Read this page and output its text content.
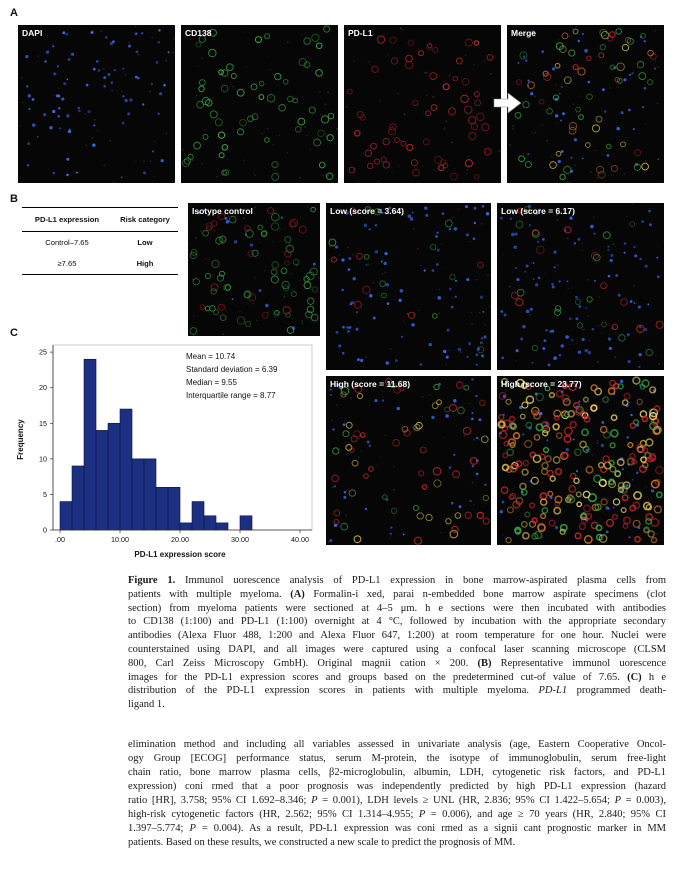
A
DAPI	CD138	PD-L1	Merge
B
PD-L1 expression	Risk category
Control–7.65	Low
≥7.65	High
Isotype control	Low (score = 3.64)	Low (score = 6.17)
High (score = 11.68)	High (score = 23.77)
C
0
5
10
15
20
25
.00	10.00	20.00	30.00	40.00
Frequency
PD-L1 expression score
Mean = 10.74
Standard deviation = 6.39
Median = 9.55
Interquartile range = 8.77
Figure 1. Immunol uorescence analysis of PD-L1 expression in bone marrow-aspirated plasma cells from
patients with multiple myeloma. (A) Formalin-i xed, parai n-embedded bone marrow aspirate specimens (clot
section) from myeloma patients were sectioned at 4–5 μm. h e sections were then incubated with antibodies
to CD138 (1:100) and PD-L1 (1:100) overnight at 4 °C, followed by incubation with the appropriate secondary
antibodies (Alexa Fluor 488, 1:200 and Alexa Fluor 647, 1:200) at room temperature for one hour. Nuclei were
counterstained using DAPI, and all images were captured using a confocal laser scanning microscope (CLSM
800, Carl Zeiss Microscopy GmbH). Original magnii cation × 200. (B) Representative immunol uorescence
images for the PD-L1 expression scores and groups based on the predetermined cut-of value of 7.65. (C) h e
distribution of the PD-L1 expression scores in patients with multiple myeloma. PD-L1 programmed death-
ligand 1.
elimination method and including all variables assessed in univariate analysis (age, Eastern Cooperative Oncol-
ogy Group [ECOG] performance status, serum M-protein, the isotype of immunoglobulin, serum free-light
chain ratio, bone marrow plasma cells, β2-microglobulin, albumin, LDH, cytogenetic risk factors, and PD-L1
expression) coni rmed that a poor prognosis was independently predicted by high PD-L1 expression (hazard
ratio [HR], 3.758; 95% CI 1.692–8.346; P = 0.001), LDH levels ≥ UNL (HR, 2.836; 95% CI 1.422–5.654; P = 0.003),
high-risk cytogenetic factors (HR, 2.562; 95% CI 1.314–4.955; P = 0.006), and age ≥ 70 years (HR, 2.840; 95% CI
1.397–5.774; P = 0.004). As a result, PD-L1 expression was coni rmed as a signii cant prognostic marker in MM
patients. Based on these results, we constructed a new scale to predict the prognosis of MM.
